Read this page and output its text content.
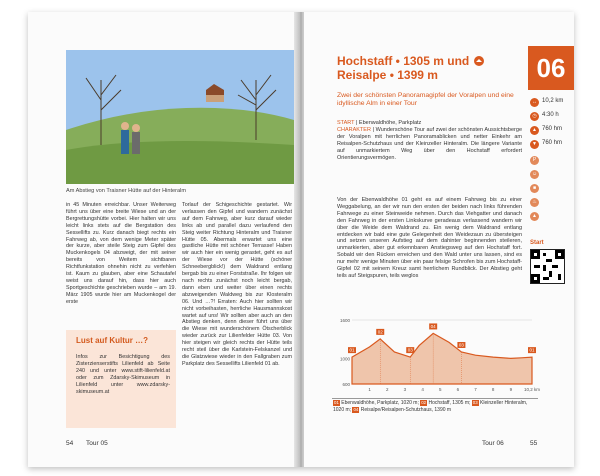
Am Abstieg von Traisner Hütte auf der Hinteralm

in 45 Minuten erreichbar. Unser Weiterweg führt uns über eine breite Wiese und an der Bergrettungshütte vorbei. Hier halten wir uns leicht links stets auf die Bergstation des Sessellifts zu. Kurz danach biegt rechts ein Fahrweg ab, von dem wenige Meter später der kurze, aber steile Steig zum Gipfel des Muckenkogels 04 abzweigt, der mit seiner bereits von Weitem sichtbaren Richtfunkstation ohnehin nicht zu verfehlen ist. Kaum zu glauben, aber eine Schautafel weist uns darauf hin, dass hier auch Sportgeschichte geschrieben wurde – am 19. März 1905 wurde hier am Muckenkogel der erste

Torlauf der Schigeschichte gestartet. Wir verlassen den Gipfel und wandern zunächst auf dem Fahrweg, aber kurz darauf wieder links ab und parallel dazu verlaufend den Steig weiter Richtung Hinteralm und Traisner Hütte 05. Abermals erwartet uns eine gastliche Hütte mit schöner Terrasse! Haben wir auch hier ein wenig gerastet, geht es auf der Wiese vor der Hütte (schöner Schneebergblick!) dem Waldrand entlang bergab bis zu einer Forststraße. Ihr folgen wir nach rechts zunächst noch leicht bergab, dann eben und weiter über einen rechts abzweigenden Waldweg bis zur Klosteralm 06. Und …?! Erraten: Auch hier sollten wir nicht vorbeihasten, herrliche Hausmannskost wartet auf uns! Wir sollten aber auch an den Abstieg denken, denn dieser führt uns über die Wiese mit wunderschönem Ötscherblick wieder zurück zur Lilienfelder Hütte 03. Von hier steigen wir gleich rechts der Hütte teils recht steil über die Karlstein-Felskanzel und die Glatzwiese wieder in den Fallgraben zum Parkplatz des Sessellifts Lilienfeld 01 ab.

Lust auf Kultur …?
Infos zur Besichtigung des Zisterzienserstifts Lilienfeld ab Seite 240 und unter www.stift-lilienfeld.at oder zum Zdarsky-Skimuseum in Lilienfeld unter www.zdarsky-skimuseum.at
54 Tour 05
Hochstaff • 1305 m und
Reisalpe • 1399 m
Zwei der schönsten Panoramagipfel der Voralpen und eine idyllische Alm in einer Tour

START | Ebenwaldhöhe, Parkplatz

CHARAKTER | Wunderschöne Tour auf zwei der schönsten Aussichtsberge der Voralpen mit herrlichen Panoramablicken und netter Einkehr am Reisalpen-Schutzhaus und der Kleinzeller Hinteralm. Die längere Variante auf unmarkiertem Weg über den Hochstaff erfordert Orientierungsvermögen.

Von der Ebenwaldhöhe 01 geht es auf einem Fahrweg bis zu einer Weggabelung, an der wir nun den ersten der beiden nach links führenden Fahrwege zu einer Steinweide nehmen. Durch das Viehgatter und danach den Fahrweg in der ersten Linkskurve geradeaus verlassend wandern wir über die Weide dem Waldrand zu. Ein wenig dem Waldrand entlang entdecken wir bald eine gute Gelegenheit den Weidezaun zu übersteigen und setzen unseren Aufstieg auf dem dahinter beginnenden steileren, unmarkierten, aber gut erkennbaren Anstiegsweg auf den Hochstaff fort. Sobald wir den Rücken erreichen und den Wald unter uns lassen, sind es nur mehr wenige Minuten über ein paar felsige Schrofen bis zum Hochstaff-Gipfel 02 mit seinem Kreuz samt herrlichem Rundblick. Der Abstieg geht teils auf Steigspuren, teils weglos

1600
1000
600
1	2	3	4	5	6	7	8	9	10,2 km
01
02
03
04
03
01
01 Ebenwaldhöhe, Parkplatz, 1020 m; 02 Hochstaff, 1305 m; 03 Kleinzeller Hinteralm, 1020 m; 04 Reisalpe/Reisalpen-Schutzhaus, 1390 m
06
↔ 10,2 km
◷ 4:30 h
▲ 760 hm
▼ 760 hm
P
☺
■
♨
▲
Start
Tour 06	55
